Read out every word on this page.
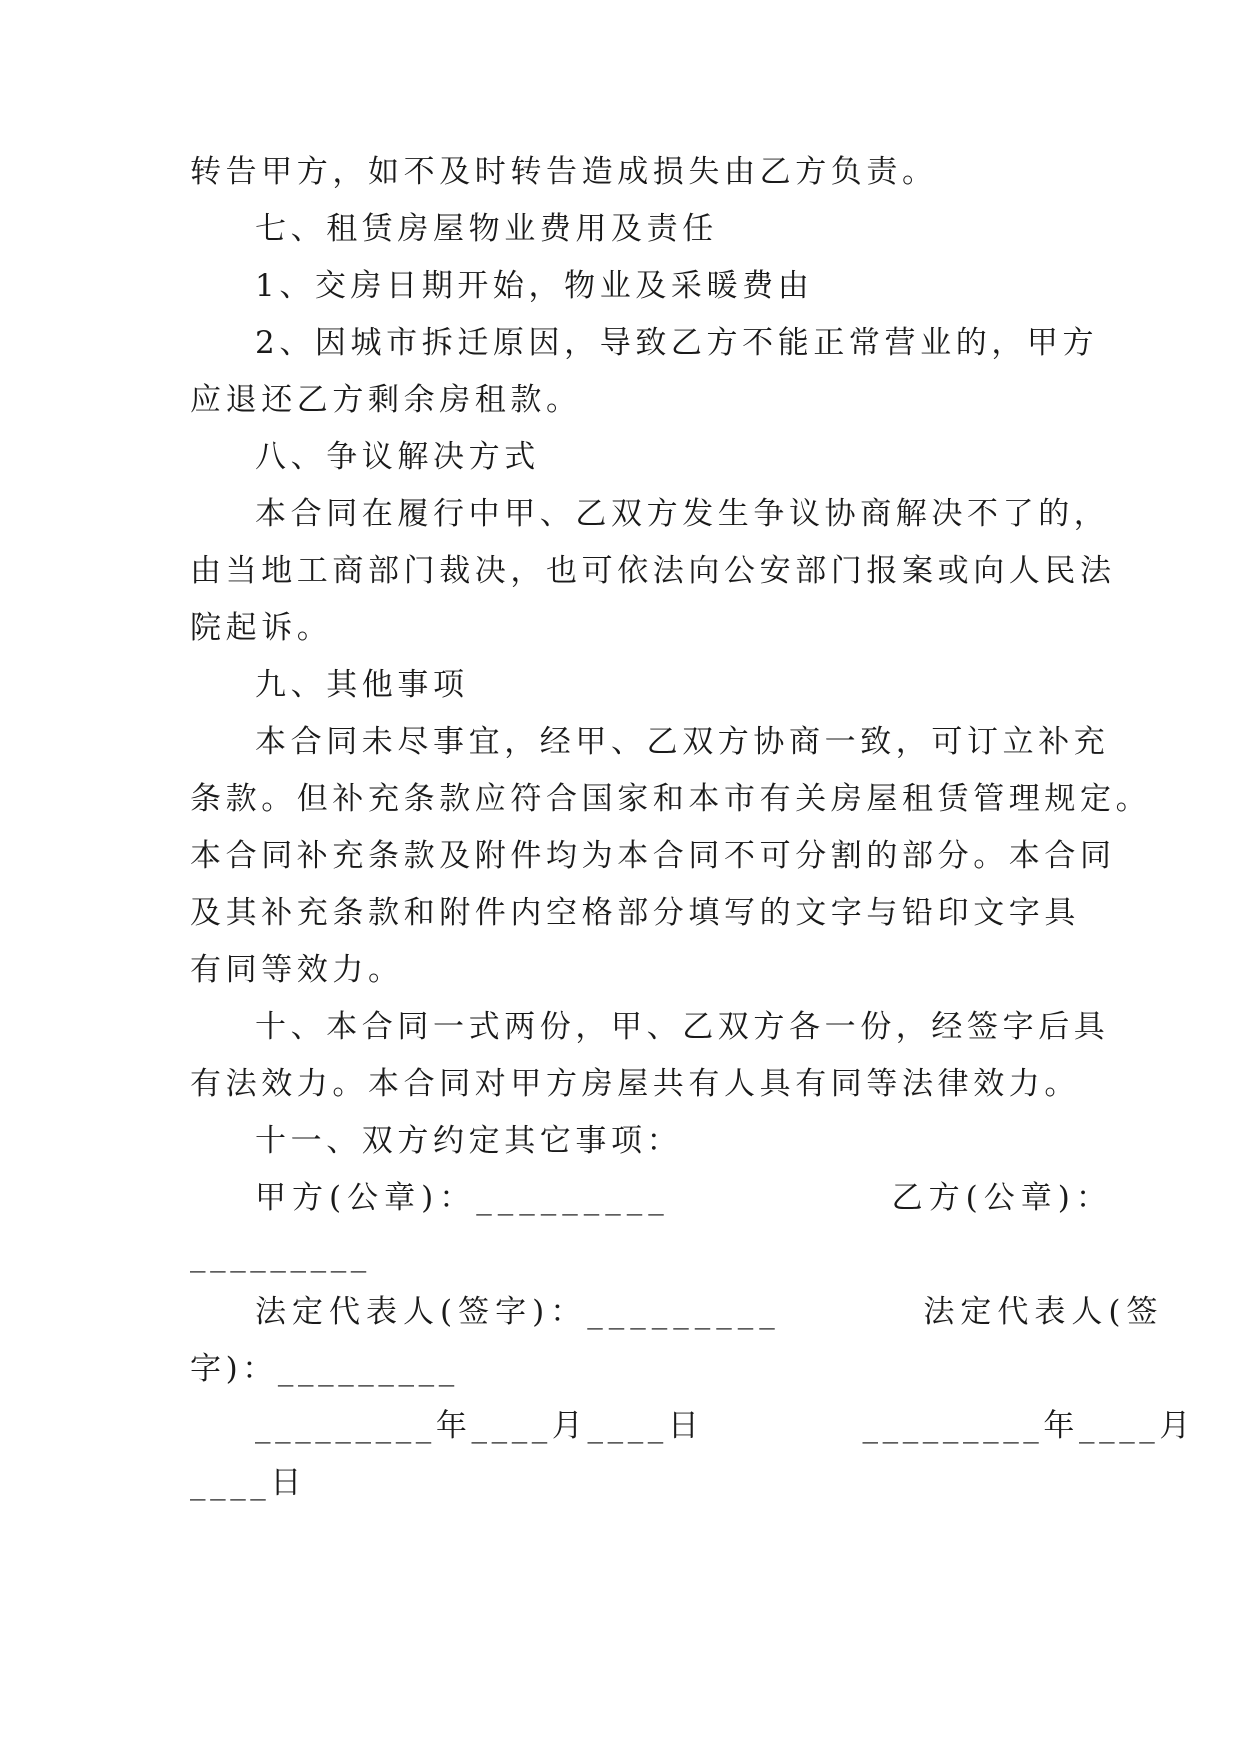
转告甲方，如不及时转告造成损失由乙方负责。
七、租赁房屋物业费用及责任
1、交房日期开始，物业及采暖费由
2、因城市拆迁原因，导致乙方不能正常营业的，甲方
应退还乙方剩余房租款。
八、争议解决方式
本合同在履行中甲、乙双方发生争议协商解决不了的，
由当地工商部门裁决，也可依法向公安部门报案或向人民法
院起诉。
九、其他事项
本合同未尽事宜，经甲、乙双方协商一致，可订立补充
条款。但补充条款应符合国家和本市有关房屋租赁管理规定。
本合同补充条款及附件均为本合同不可分割的部分。本合同
及其补充条款和附件内空格部分填写的文字与铅印文字具
有同等效力。
十、本合同一式两份，甲、乙双方各一份，经签字后具
有法效力。本合同对甲方房屋共有人具有同等法律效力。
十一、双方约定其它事项：
甲方(公章)：_________              乙方(公章)：
_________
法定代表人(签字)：_________         法定代表人(签
字)：_________
_________年____月____日           _________年____月
____日
